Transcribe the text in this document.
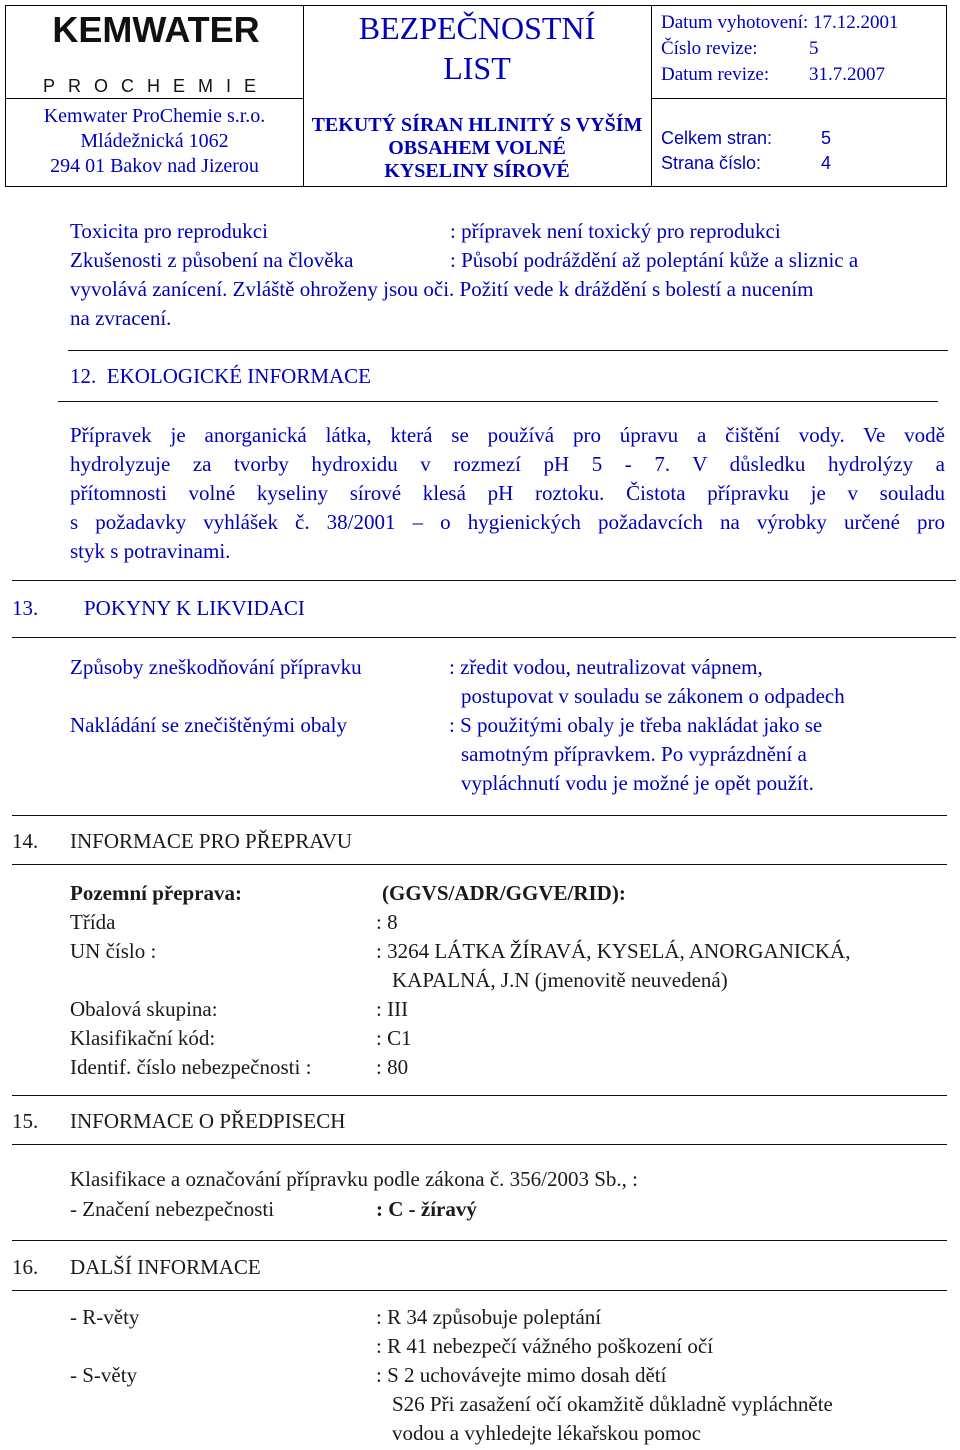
KEMWATER
PROCHEMIE
Kemwater ProChemie s.r.o.
Mládežnická 1062
294 01 Bakov nad Jizerou
BEZPEČNOSTNÍ
LIST
TEKUTÝ SÍRAN HLINITÝ S VYŠÍM
OBSAHEM VOLNÉ
KYSELINY SÍROVÉ
Datum vyhotovení: 17.12.2001
Číslo revize:	5
Datum revize: 31.7.2007
Celkem stran:	5
Strana číslo:	4
Toxicita pro reprodukci	: přípravek není toxický pro reprodukci
Zkušenosti z působení na člověka	: Působí podráždění až poleptání kůže a sliznic a
vyvolává zanícení. Zvláště ohroženy jsou oči. Požití vede k dráždění s bolestí a nucením
na zvracení.
12. EKOLOGICKÉ INFORMACE
Přípravek je anorganická látka, která se používá pro úpravu a čištění vody. Ve vodě
hydrolyzuje za tvorby hydroxidu v rozmezí pH 5 - 7. V důsledku hydrolýzy a
přítomnosti volné kyseliny sírové klesá pH roztoku. Čistota přípravku je v souladu
s požadavky vyhlášek č. 38/2001 – o hygienických požadavcích na výrobky určené pro
styk s potravinami.
13. POKYNY K LIKVIDACI
Způsoby zneškodňování přípravku	: zředit vodou, neutralizovat vápnem,
postupovat v souladu se zákonem o odpadech
Nakládání se znečištěnými obaly	: S použitými obaly je třeba nakládat jako se
samotným přípravkem. Po vyprázdnění a
vypláchnutí vodu je možné je opět použít.
14. INFORMACE PRO PŘEPRAVU
Pozemní přeprava:	(GGVS/ADR/GGVE/RID):
Třída	: 8
UN číslo :	: 3264 LÁTKA ŽÍRAVÁ, KYSELÁ, ANORGANICKÁ,
KAPALNÁ, J.N (jmenovitě neuvedená)
Obalová skupina:	: III
Klasifikační kód:	: C1
Identif. číslo nebezpečnosti :	: 80
15. INFORMACE O PŘEDPISECH
Klasifikace a označování přípravku podle zákona č. 356/2003 Sb., :
- Značení nebezpečnosti	: C - žíravý
16. DALŠÍ INFORMACE
- R-věty	: R 34 způsobuje poleptání
: R 41 nebezpečí vážného poškození očí
- S-věty	: S 2 uchovávejte mimo dosah dětí
S26 Při zasažení očí okamžitě důkladně vypláchněte
vodou a vyhledejte lékařskou pomoc
